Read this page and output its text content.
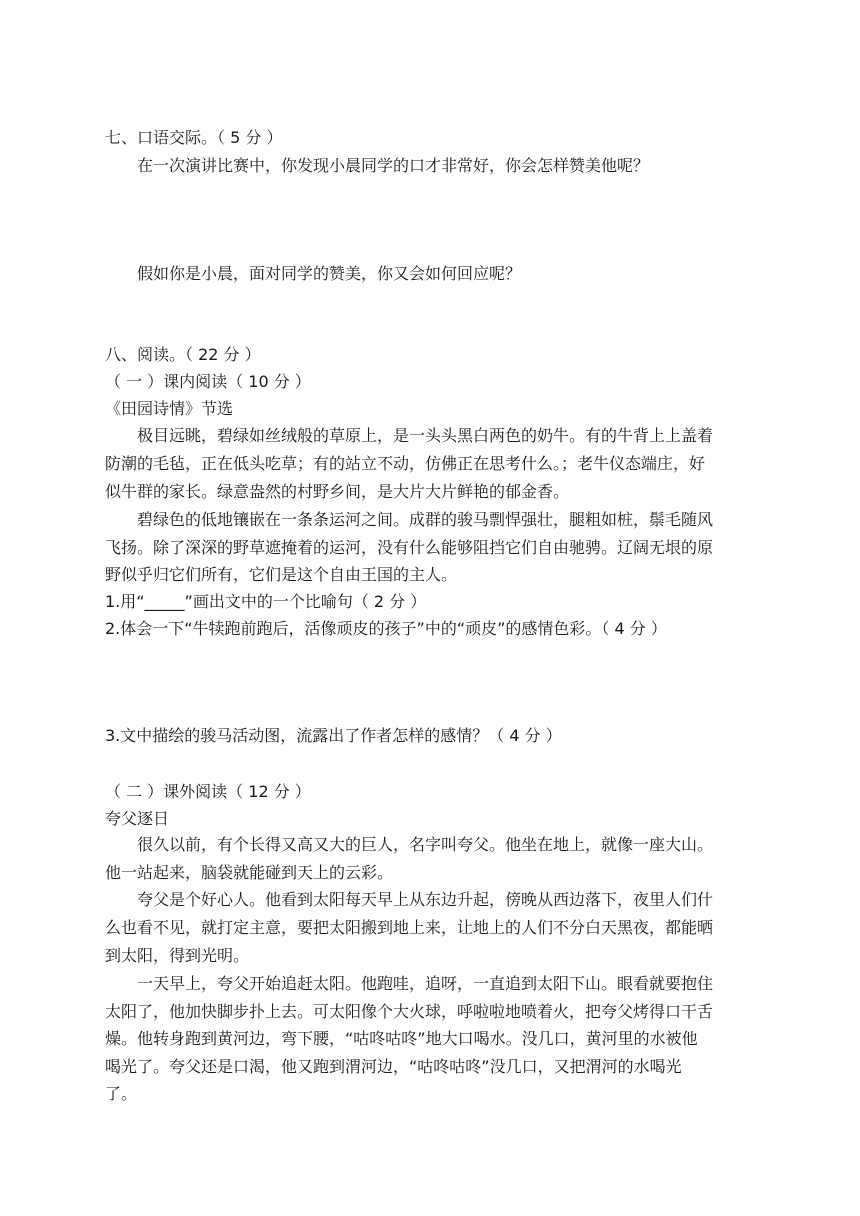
七、口语交际。（ 5 分 ）
在一次演讲比赛中，你发现小晨同学的口才非常好，你会怎样赞美他呢？
假如你是小晨，面对同学的赞美，你又会如何回应呢？
八、阅读。（ 22 分 ）
（ 一 ）课内阅读（ 10 分 ）
《田园诗情》节选
极目远眺，碧绿如丝绒般的草原上，是一头头黑白两色的奶牛。有的牛背上上盖着
防潮的毛毡，正在低头吃草；有的站立不动，仿佛正在思考什么。；老牛仪态端庄，好
似牛群的家长。绿意盎然的村野乡间，是大片大片鲜艳的郁金香。
碧绿色的低地镶嵌在一条条运河之间。成群的骏马剽悍强壮，腿粗如桩，鬃毛随风
飞扬。除了深深的野草遮掩着的运河，没有什么能够阻挡它们自由驰骋。辽阔无垠的原
野似乎归它们所有，它们是这个自由王国的主人。
1.用“_____”画出文中的一个比喻句（ 2 分 ）
2.体会一下“牛犊跑前跑后，活像顽皮的孩子”中的“顽皮”的感情色彩。（ 4 分 ）
3.文中描绘的骏马活动图，流露出了作者怎样的感情？（ 4 分 ）
（ 二 ）课外阅读（ 12 分 ）
夸父逐日
很久以前，有个长得又高又大的巨人，名字叫夸父。他坐在地上，就像一座大山。
他一站起来，脑袋就能碰到天上的云彩。
夸父是个好心人。他看到太阳每天早上从东边升起，傍晚从西边落下，夜里人们什
么也看不见，就打定主意，要把太阳搬到地上来，让地上的人们不分白天黑夜，都能晒
到太阳，得到光明。
一天早上，夸父开始追赶太阳。他跑哇，追呀，一直追到太阳下山。眼看就要抱住
太阳了，他加快脚步扑上去。可太阳像个大火球，呼啦啦地喷着火，把夸父烤得口干舌
燥。他转身跑到黄河边，弯下腰，“咕咚咕咚”地大口喝水。没几口，黄河里的水被他
喝光了。夸父还是口渴，他又跑到渭河边，“咕咚咕咚”没几口，又把渭河的水喝光
了。
